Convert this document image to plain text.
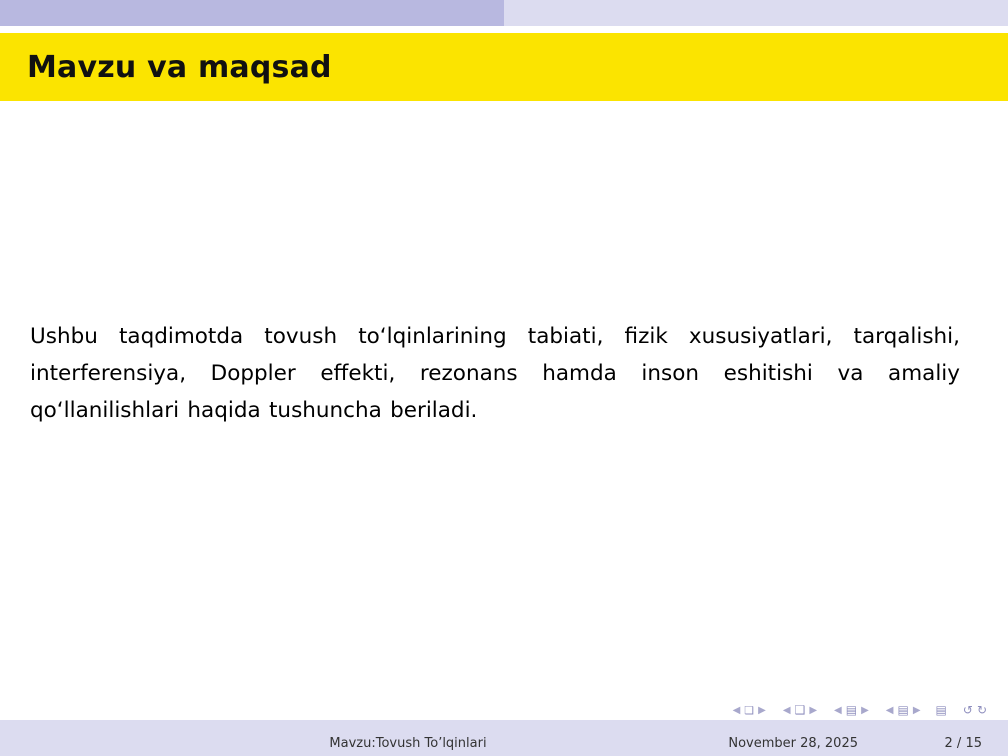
Mavzu va maqsad
Ushbu taqdimotda tovush to‘lqinlarining tabiati, fizik xususiyatlari, tarqalishi, interferensiya, Doppler effekti, rezonans hamda inson eshitishi va amaliy qo‘llanilishlari haqida tushuncha beriladi.
◀ ❏ ▶	◀ ❑ ▶	◀ ▤ ▶	◀ ▤ ▶ ▤ ↺ ↻
Mavzu:Tovush To’lqinlari	November 28, 2025	2 / 15
